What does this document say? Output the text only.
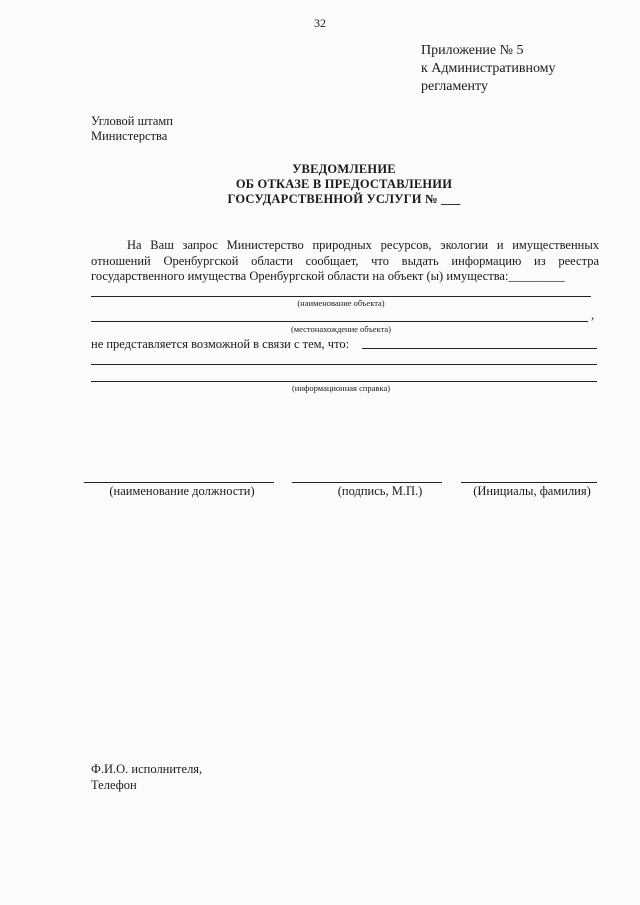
32
Приложение № 5
к Административному
регламенту
Угловой штамп
Министерства
УВЕДОМЛЕНИЕ
ОБ ОТКАЗЕ В ПРЕДОСТАВЛЕНИИ
ГОСУДАРСТВЕННОЙ УСЛУГИ № ___
На Ваш запрос Министерство природных ресурсов, экологии и имущественных отношений Оренбургской области сообщает, что выдать информацию из реестра государственного имущества Оренбургской области на объект (ы) имущества:_________
(наименование объекта)
,
(местонахождение объекта)
не представляется возможной в связи с тем, что:
(информационная справка)
(наименование должности)	(подпись, М.П.)	(Инициалы, фамилия)
Ф.И.О. исполнителя,
Телефон
